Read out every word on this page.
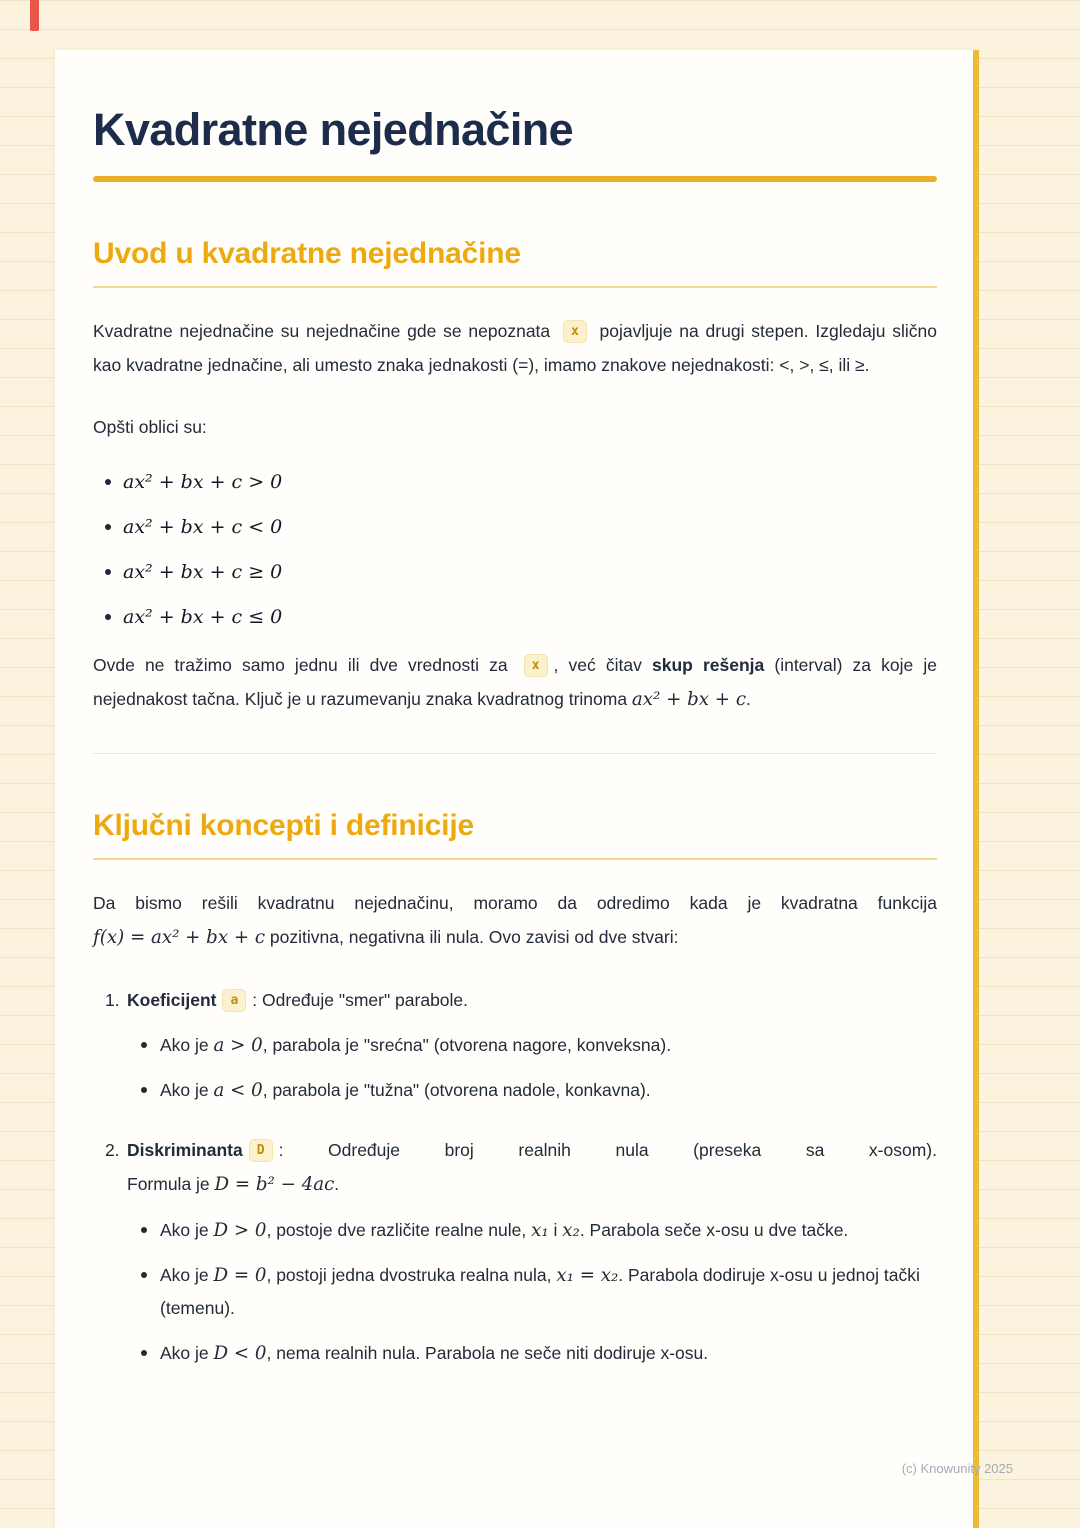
Kvadratne nejednačine
Uvod u kvadratne nejednačine

Kvadratne nejednačine su nejednačine gde se nepoznata x pojavljuje na drugi stepen. Izgledaju slično kao kvadratne jednačine, ali umesto znaka jednakosti (=), imamo znakove nejednakosti: <, >, ≤, ili ≥.

Opšti oblici su:

ax² + bx + c > 0
ax² + bx + c < 0
ax² + bx + c ≥ 0
ax² + bx + c ≤ 0

Ovde ne tražimo samo jednu ili dve vrednosti za x , već čitav skup rešenja (interval) za koje je nejednakost tačna. Ključ je u razumevanju znaka kvadratnog trinoma ax² + bx + c.

Ključni koncepti i definicije

Da bismo rešili kvadratnu nejednačinu, moramo da odredimo kada je kvadratna funkcija f(x) = ax² + bx + c pozitivna, negativna ili nula. Ovo zavisi od dve stvari:

1. Koeficijent a : Određuje "smer" parabole.

Ako je a > 0, parabola je "srećna" (otvorena nagore, konveksna).
Ako je a < 0, parabola je "tužna" (otvorena nadole, konkavna).
2. Diskriminanta D : Određuje broj realnih nula (preseka sa x-osom).

Formula je D = b² − 4ac.

Ako je D > 0, postoje dve različite realne nule, x₁ i x₂. Parabola seče x-osu u dve tačke.
Ako je D = 0, postoji jedna dvostruka realna nula, x₁ = x₂. Parabola dodiruje x-osu u jednoj tački (temenu).
Ako je D < 0, nema realnih nula. Parabola ne seče niti dodiruje x-osu.
(c) Knowunity 2025
